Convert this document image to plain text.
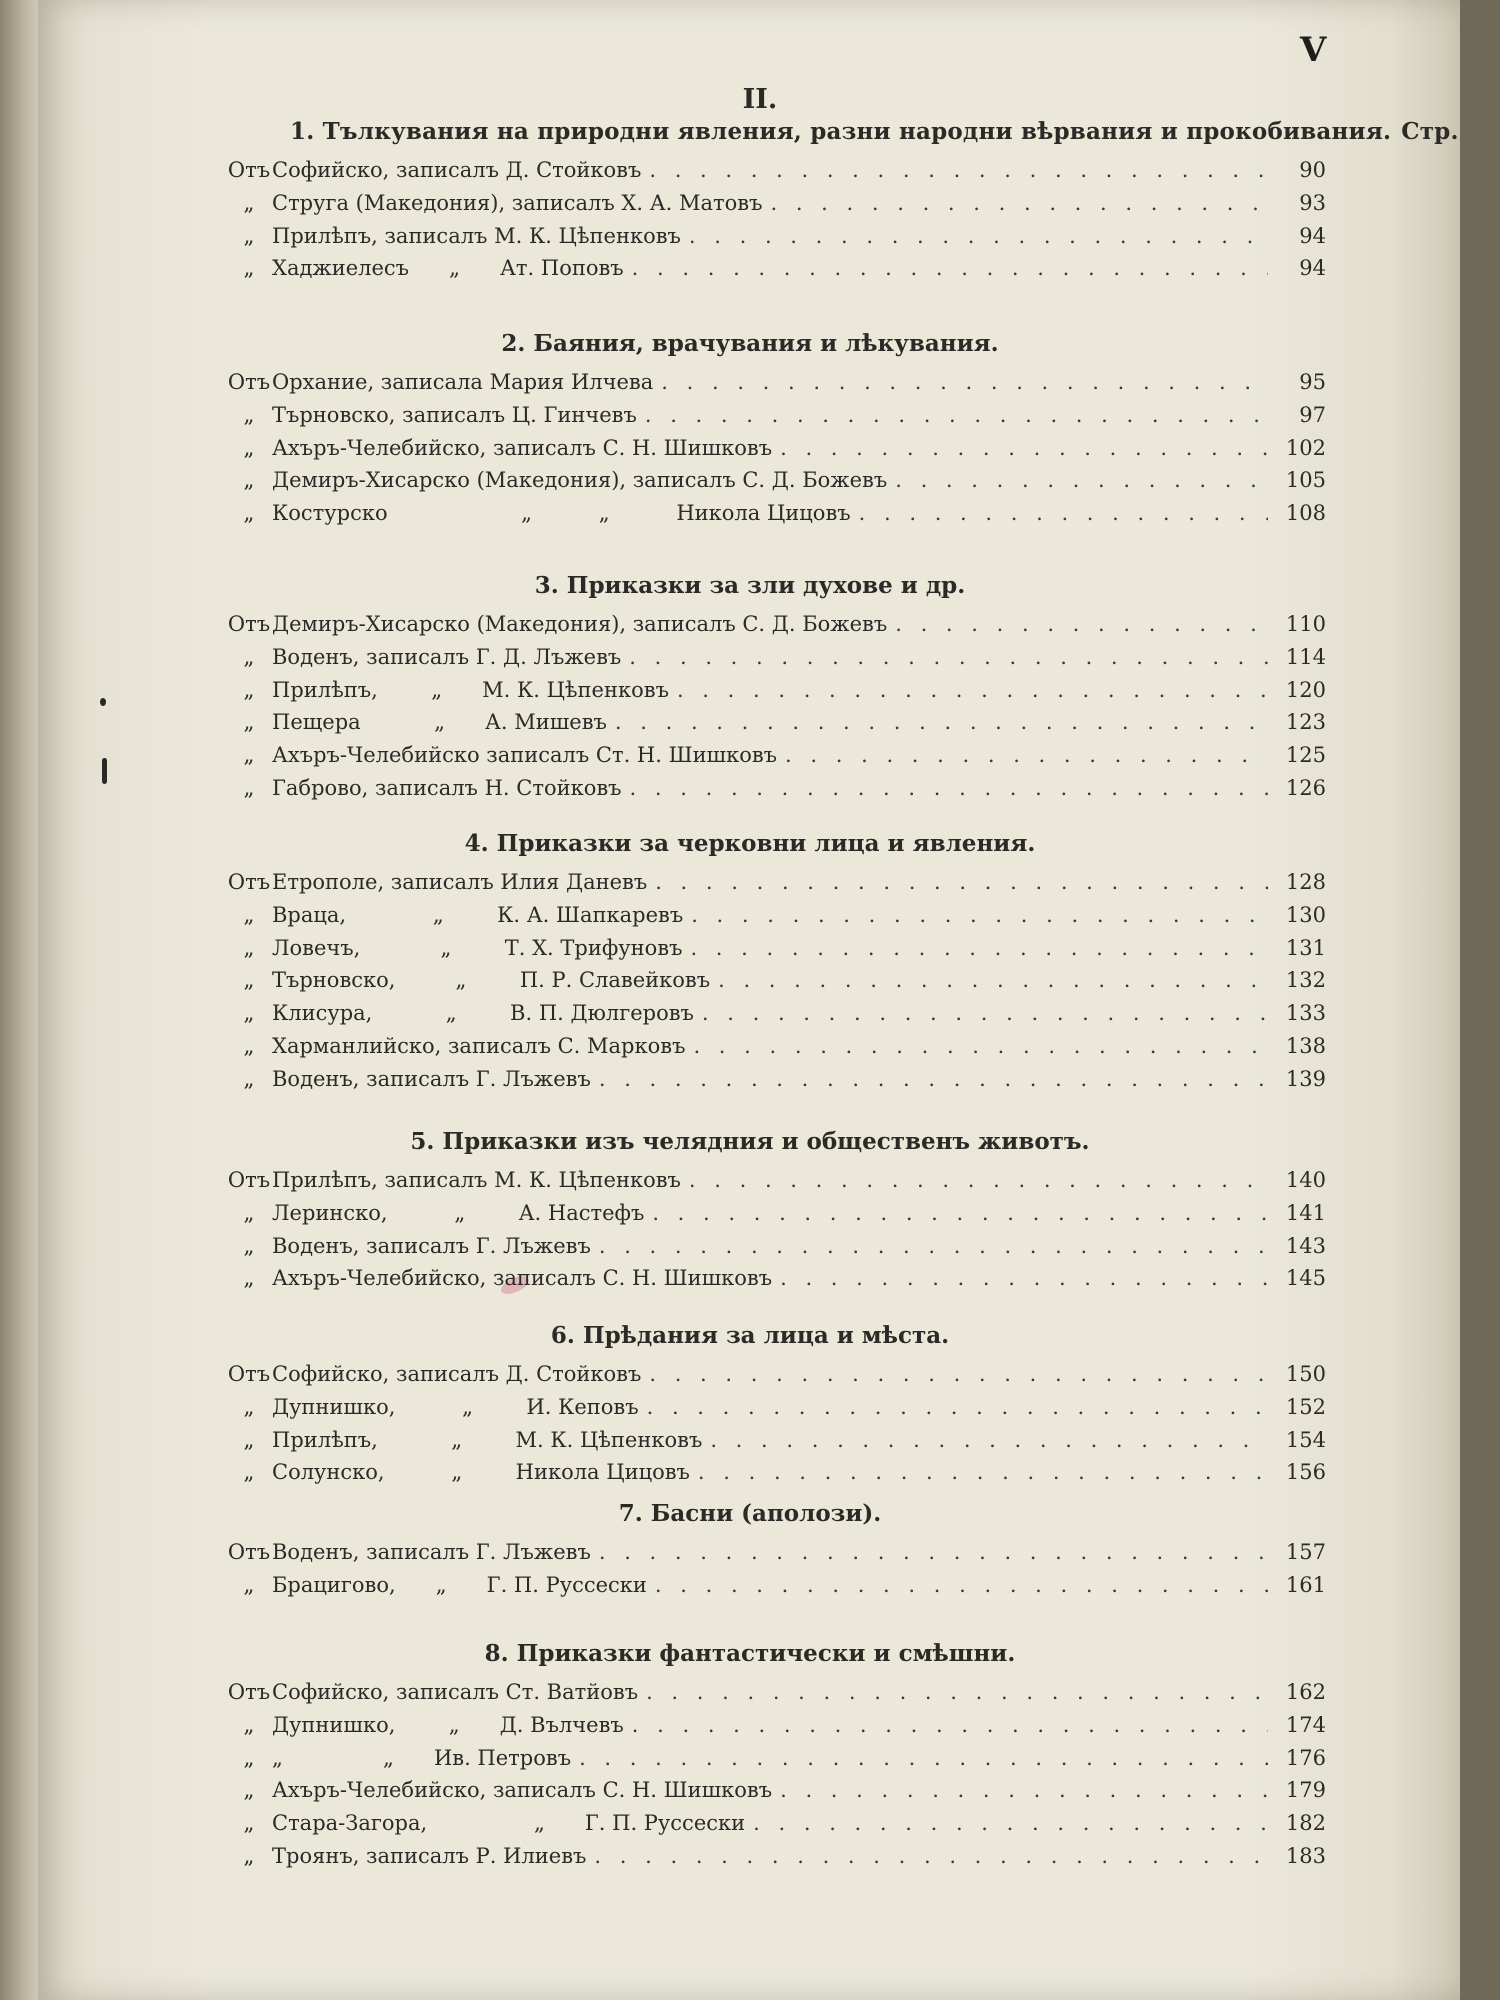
V
II.
1. Тълкувания на природни явления, разни народни вѣрвания и прокобивания. Стр.
Отъ Софийско, записалъ Д. Стойковъ . . .	90
„ Струга (Македония), записалъ Х. А. Матовъ . . .	93
„ Прилѣпъ, записалъ М. К. Цѣпенковъ . . .	94
„ Хаджиелесъ      „      Ат. Поповъ . . .	94
2. Баяния, врачувания и лѣкувания.
Отъ Орхание, записала Мария Илчева . . .	95
„ Търновско, записалъ Ц. Гинчевъ . . .	97
„ Ахъръ-Челебийско, записалъ С. Н. Шишковъ . . .	102
„ Демиръ-Хисарско (Македония), записалъ С. Д. Божевъ . . .	105
„ Костурско                    „          „          Никола Цицовъ . . .	108
3. Приказки за зли духове и др.
Отъ Демиръ-Хисарско (Македония), записалъ С. Д. Божевъ . . .	110
„ Воденъ, записалъ Г. Д. Лъжевъ . . .	114
„ Прилѣпъ,        „      М. К. Цѣпенковъ . . .	120
„ Пещера           „      А. Мишевъ . . .	123
„ Ахъръ-Челебийско записалъ Ст. Н. Шишковъ . . .	125
„ Габрово, записалъ Н. Стойковъ . . .	126
4. Приказки за черковни лица и явления.
Отъ Етрополе, записалъ Илия Даневъ . . .	128
„ Враца,             „        К. А. Шапкаревъ . . .	130
„ Ловечъ,            „        Т. Х. Трифуновъ . . .	131
„ Търновско,         „        П. Р. Славейковъ . . .	132
„ Клисура,           „        В. П. Дюлгеровъ . . .	133
„ Харманлийско, записалъ С. Марковъ . . .	138
„ Воденъ, записалъ Г. Лъжевъ . . .	139
5. Приказки изъ челядния и общественъ животъ.
Отъ Прилѣпъ, записалъ М. К. Цѣпенковъ . . .	140
„ Леринско,          „        А. Настефъ . . .	141
„ Воденъ, записалъ Г. Лъжевъ . . .	143
„ Ахъръ-Челебийско, записалъ С. Н. Шишковъ . . .	145
6. Прѣдания за лица и мѣста.
Отъ Софийско, записалъ Д. Стойковъ . . .	150
„ Дупнишко,          „        И. Кеповъ . . .	152
„ Прилѣпъ,           „        М. К. Цѣпенковъ . . .	154
„ Солунско,          „        Никола Цицовъ . . .	156
7. Басни (аполози).
Отъ Воденъ, записалъ Г. Лъжевъ . . .	157
„ Брацигово,      „      Г. П. Руссески . . .	161
8. Приказки фантастически и смѣшни.
Отъ Софийско, записалъ Ст. Ватйовъ . . .	162
„ Дупнишко,        „      Д. Вълчевъ . . .	174
„ „               „      Ив. Петровъ . . .	176
„ Ахъръ-Челебийско, записалъ С. Н. Шишковъ . . .	179
„ Стара-Загора,                „      Г. П. Руссески . . .	182
„ Троянъ, записалъ Р. Илиевъ . . .	183
